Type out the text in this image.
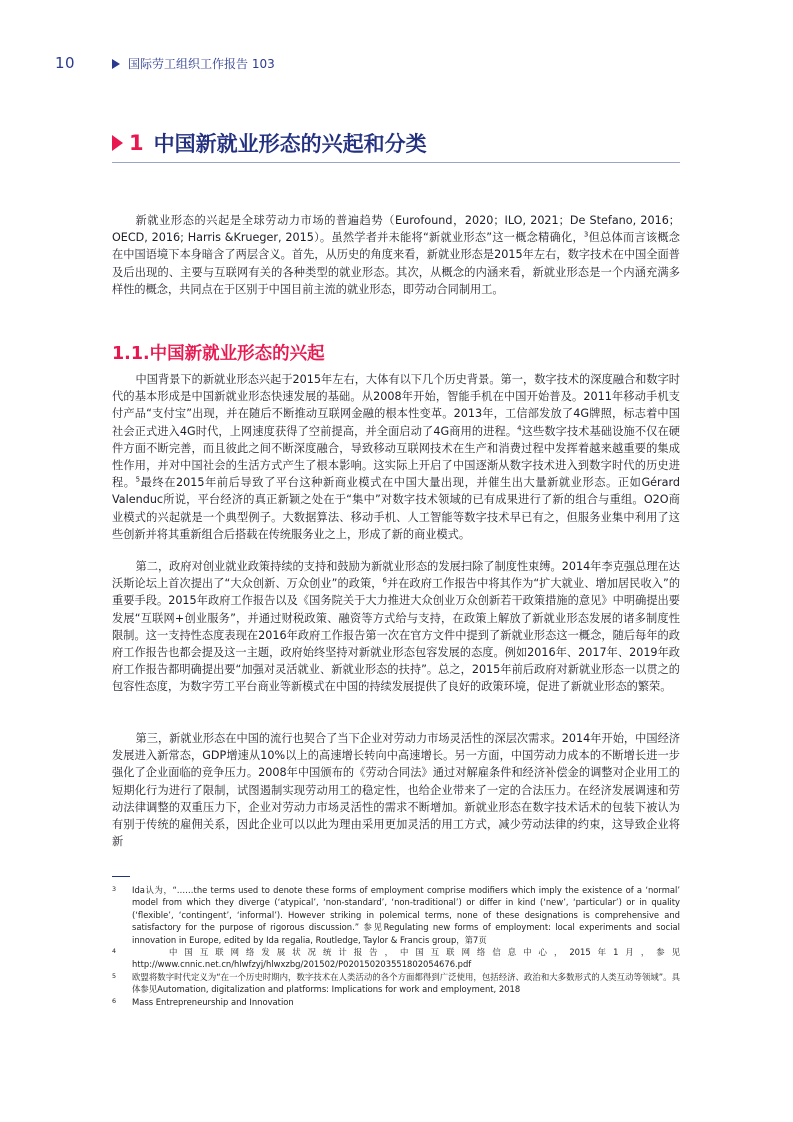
10	国际劳工组织工作报告 103
1 中国新就业形态的兴起和分类

新就业形态的兴起是全球劳动力市场的普遍趋势（Eurofound，2020；ILO, 2021；De Stefano, 2016；OECD, 2016; Harris &Krueger, 2015）。虽然学者并未能将“新就业形态”这一概念精确化，$^3$但总体而言该概念在中国语境下本身暗含了两层含义。首先，从历史的角度来看，新就业形态是2015年左右，数字技术在中国全面普及后出现的、主要与互联网有关的各种类型的就业形态。其次，从概念的内涵来看，新就业形态是一个内涵充满多样性的概念，共同点在于区别于中国目前主流的就业形态，即劳动合同制用工。

1.1.中国新就业形态的兴起

中国背景下的新就业形态兴起于2015年左右，大体有以下几个历史背景。第一，数字技术的深度融合和数字时代的基本形成是中国新就业形态快速发展的基础。从2008年开始，智能手机在中国开始普及。2011年移动手机支付产品“支付宝”出现，并在随后不断推动互联网金融的根本性变革。2013年，工信部发放了4G牌照，标志着中国社会正式进入4G时代，上网速度获得了空前提高，并全面启动了4G商用的进程。$^4$这些数字技术基础设施不仅在硬件方面不断完善，而且彼此之间不断深度融合，导致移动互联网技术在生产和消费过程中发挥着越来越重要的集成性作用，并对中国社会的生活方式产生了根本影响。这实际上开启了中国逐渐从数字技术进入到数字时代的历史进程。$^5$最终在2015年前后导致了平台这种新商业模式在中国大量出现，并催生出大量新就业形态。正如Gérard Valenduc所说，平台经济的真正新颖之处在于“集中”对数字技术领域的已有成果进行了新的组合与重组。O2O商业模式的兴起就是一个典型例子。大数据算法、移动手机、人工智能等数字技术早已有之，但服务业集中利用了这些创新并将其重新组合后搭载在传统服务业之上，形成了新的商业模式。

第二，政府对创业就业政策持续的支持和鼓励为新就业形态的发展扫除了制度性束缚。2014年李克强总理在达沃斯论坛上首次提出了“大众创新、万众创业”的政策，$^6$并在政府工作报告中将其作为“扩大就业、增加居民收入”的重要手段。2015年政府工作报告以及《国务院关于大力推进大众创业万众创新若干政策措施的意见》中明确提出要发展“互联网+创业服务”，并通过财税政策、融资等方式给与支持，在政策上解放了新就业形态发展的诸多制度性限制。这一支持性态度表现在2016年政府工作报告第一次在官方文件中提到了新就业形态这一概念，随后每年的政府工作报告也都会提及这一主题，政府始终坚持对新就业形态包容发展的态度。例如2016年、2017年、2019年政府工作报告都明确提出要“加强对灵活就业、新就业形态的扶持”。总之，2015年前后政府对新就业形态一以贯之的包容性态度，为数字劳工平台商业等新模式在中国的持续发展提供了良好的政策环境，促进了新就业形态的繁荣。

第三，新就业形态在中国的流行也契合了当下企业对劳动力市场灵活性的深层次需求。2014年开始，中国经济发展进入新常态，GDP增速从10%以上的高速增长转向中高速增长。另一方面，中国劳动力成本的不断增长进一步强化了企业面临的竞争压力。2008年中国颁布的《劳动合同法》通过对解雇条件和经济补偿金的调整对企业用工的短期化行为进行了限制，试图遏制实现劳动用工的稳定性，也给企业带来了一定的合法压力。在经济发展调速和劳动法律调整的双重压力下，企业对劳动力市场灵活性的需求不断增加。新就业形态在数字技术话术的包装下被认为有别于传统的雇佣关系，因此企业可以以此为理由采用更加灵活的用工方式，减少劳动法律的约束，这导致企业将新

3 Ida认为，“……the terms used to denote these forms of employment comprise modifiers which imply the existence of a ‘normal’ model from which they diverge (‘atypical’, ‘non-standard’, ‘non-traditional’) or differ in kind (‘new’, ‘particular’) or in quality (‘flexible’, ‘contingent’, ‘informal’). However striking in polemical terms, none of these designations is comprehensive and satisfactory for the purpose of rigorous discussion.” 参见Regulating new forms of employment: local experiments and social innovation in Europe, edited by Ida regalia, Routledge, Taylor & Francis group，第7页
4	中国互联网络发展状况统计报告，中国互联网络信息中心，2015年1月，参见http://www.cnnic.net.cn/hlwfzyj/hlwxzbg/201502/P020150203551802054676.pdf
5 欧盟将数字时代定义为“在一个历史时期内，数字技术在人类活动的各个方面都得到广泛使用，包括经济、政治和大多数形式的人类互动等领域”。具体参见Automation, digitalization and platforms: Implications for work and employment, 2018
6 Mass Entrepreneurship and Innovation
